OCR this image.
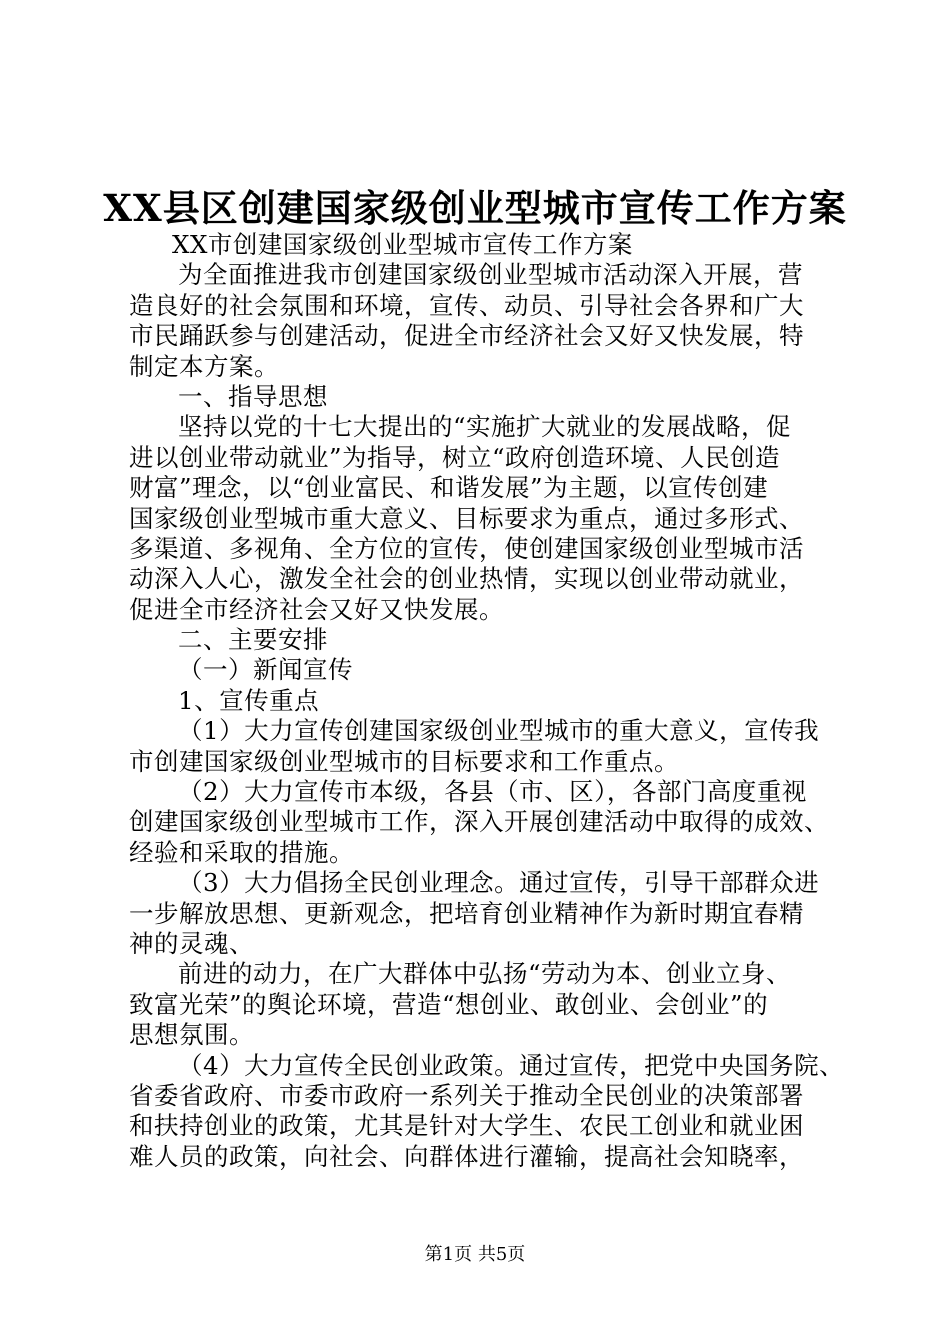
XX县区创建国家级创业型城市宣传工作方案
XX市创建国家级创业型城市宣传工作方案
为全面推进我市创建国家级创业型城市活动深入开展，营
造良好的社会氛围和环境，宣传、动员、引导社会各界和广大
市民踊跃参与创建活动，促进全市经济社会又好又快发展，特
制定本方案。
一、指导思想
坚持以党的十七大提出的“实施扩大就业的发展战略，促
进以创业带动就业”为指导，树立“政府创造环境、人民创造
财富”理念，以“创业富民、和谐发展”为主题，以宣传创建
国家级创业型城市重大意义、目标要求为重点，通过多形式、
多渠道、多视角、全方位的宣传，使创建国家级创业型城市活
动深入人心，激发全社会的创业热情，实现以创业带动就业，
促进全市经济社会又好又快发展。
二、主要安排
（一）新闻宣传
1、宣传重点
（1）大力宣传创建国家级创业型城市的重大意义，宣传我
市创建国家级创业型城市的目标要求和工作重点。
（2）大力宣传市本级，各县（市、区），各部门高度重视
创建国家级创业型城市工作，深入开展创建活动中取得的成效、
经验和采取的措施。
（3）大力倡扬全民创业理念。通过宣传，引导干部群众进
一步解放思想、更新观念，把培育创业精神作为新时期宜春精
神的灵魂、
前进的动力，在广大群体中弘扬“劳动为本、创业立身、
致富光荣”的舆论环境，营造“想创业、敢创业、会创业”的
思想氛围。
（4）大力宣传全民创业政策。通过宣传，把党中央国务院、
省委省政府、市委市政府一系列关于推动全民创业的决策部署
和扶持创业的政策，尤其是针对大学生、农民工创业和就业困
难人员的政策，向社会、向群体进行灌输，提高社会知晓率，
第1页 共5页
